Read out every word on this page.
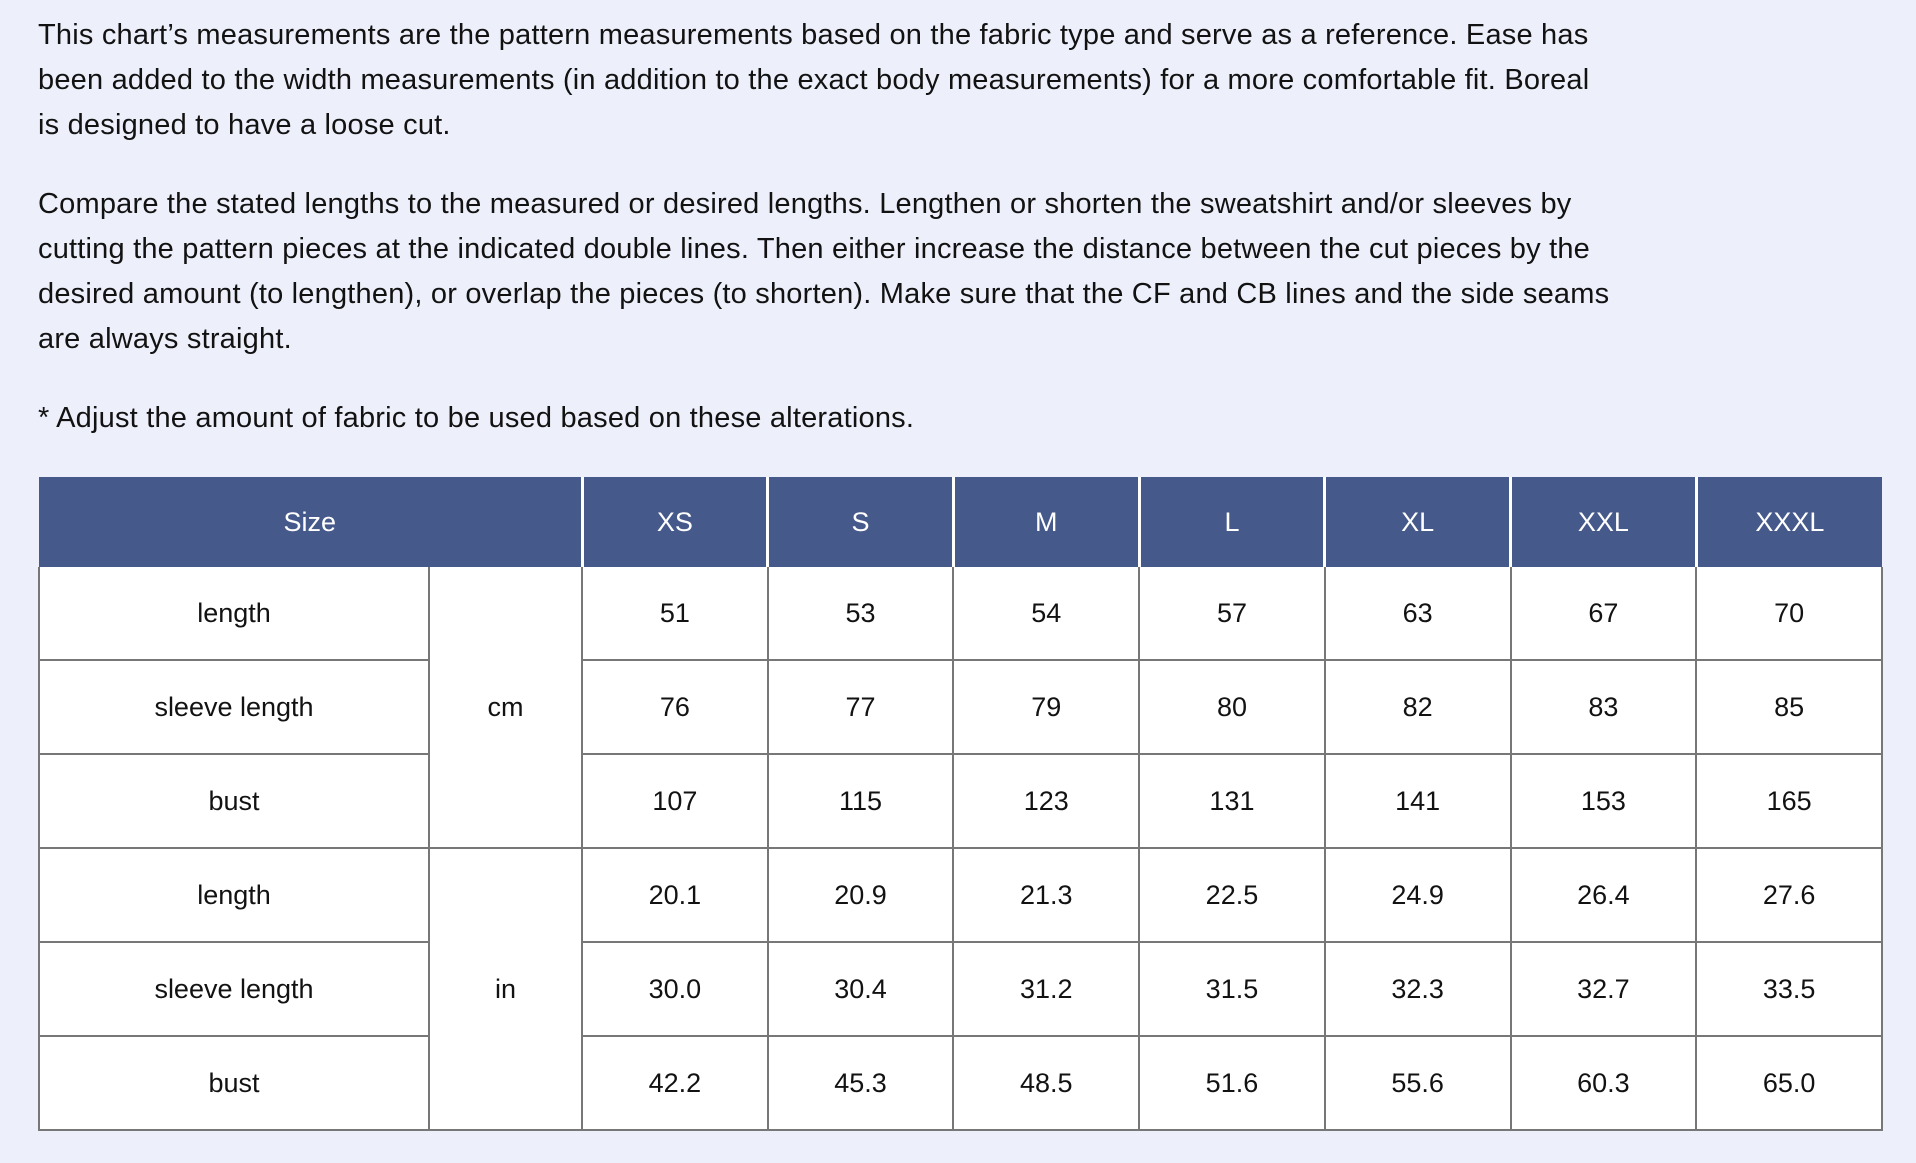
This chart’s measurements are the pattern measurements based on the fabric type and serve as a reference. Ease has
been added to the width measurements (in addition to the exact body measurements) for a more comfortable fit. Boreal
is designed to have a loose cut.

Compare the stated lengths to the measured or desired lengths. Lengthen or shorten the sweatshirt and/or sleeves by
cutting the pattern pieces at the indicated double lines. Then either increase the distance between the cut pieces by the
desired amount (to lengthen), or overlap the pieces (to shorten). Make sure that the CF and CB lines and the side seams
are always straight.

* Adjust the amount of fabric to be used based on these alterations.

Size		XS	S	M	L	XL	XXL	XXXL
length	cm	51	53	54	57	63	67	70
sleeve length		76	77	79	80	82	83	85
bust		107	115	123	131	141	153	165
length	in	20.1	20.9	21.3	22.5	24.9	26.4	27.6
sleeve length		30.0	30.4	31.2	31.5	32.3	32.7	33.5
bust		42.2	45.3	48.5	51.6	55.6	60.3	65.0
